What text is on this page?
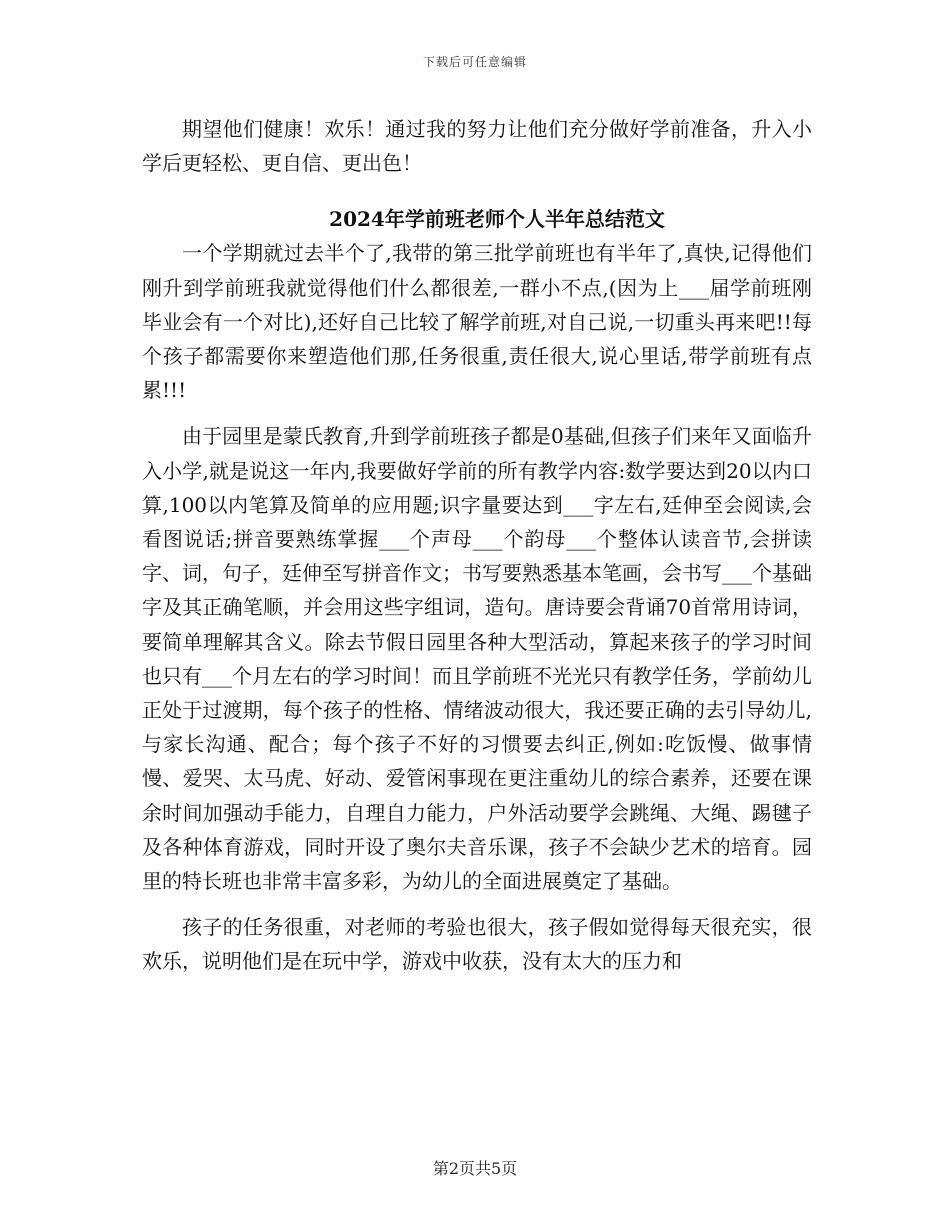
下载后可任意编辑

期望他们健康！欢乐！通过我的努力让他们充分做好学前准备，升入小学后更轻松、更自信、更出色！

2024年学前班老师个人半年总结范文

一个学期就过去半个了,我带的第三批学前班也有半年了,真快,记得他们刚升到学前班我就觉得他们什么都很差,一群小不点,(因为上___届学前班刚毕业会有一个对比),还好自己比较了解学前班,对自己说,一切重头再来吧!!每个孩子都需要你来塑造他们那,任务很重,责任很大,说心里话,带学前班有点累!!!

由于园里是蒙氏教育,升到学前班孩子都是0基础,但孩子们来年又面临升入小学,就是说这一年内,我要做好学前的所有教学内容:数学要达到20以内口算,100以内笔算及简单的应用题;识字量要达到___字左右,廷伸至会阅读,会看图说话;拼音要熟练掌握___个声母___个韵母___个整体认读音节,会拼读字、词，句子，廷伸至写拼音作文；书写要熟悉基本笔画，会书写___个基础字及其正确笔顺，并会用这些字组词，造句。唐诗要会背诵70首常用诗词，要简单理解其含义。除去节假日园里各种大型活动，算起来孩子的学习时间也只有___个月左右的学习时间！而且学前班不光光只有教学任务，学前幼儿正处于过渡期，每个孩子的性格、情绪波动很大，我还要正确的去引导幼儿,与家长沟通、配合；每个孩子不好的习惯要去纠正,例如:吃饭慢、做事情慢、爱哭、太马虎、好动、爱管闲事现在更注重幼儿的综合素养，还要在课余时间加强动手能力，自理自力能力，户外活动要学会跳绳、大绳、踢毽子及各种体育游戏，同时开设了奥尔夫音乐课，孩子不会缺少艺术的培育。园里的特长班也非常丰富多彩，为幼儿的全面进展奠定了基础。

孩子的任务很重，对老师的考验也很大，孩子假如觉得每天很充实，很欢乐，说明他们是在玩中学，游戏中收获，没有太大的压力和

第2页共5页
